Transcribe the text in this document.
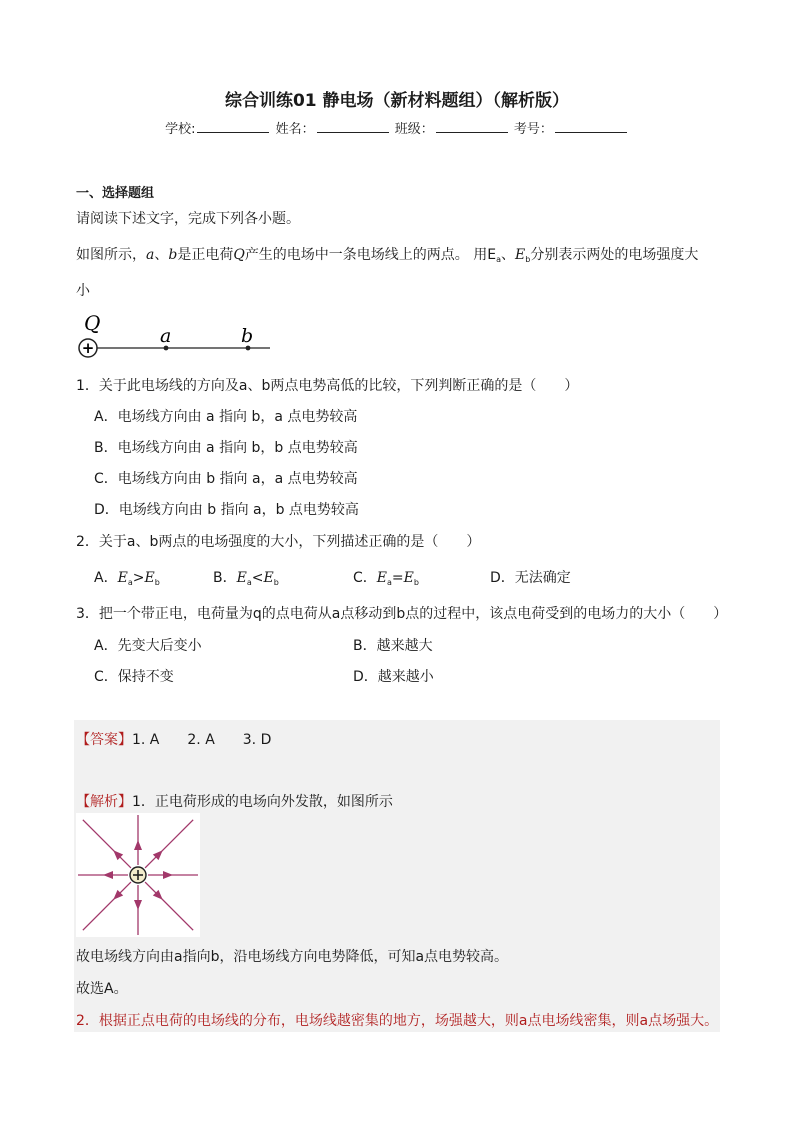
综合训练01 静电场（新材料题组）（解析版）
学校:	姓名：	班级：	考号：
一、选择题组
请阅读下述文字，完成下列各小题。
如图所示，a、b是正电荷Q产生的电场中一条电场线上的两点。 用$E_a$、$E_b$分别表示两处的电场强度大
小
Q
+
a	b
1．关于此电场线的方向及a、b两点电势高低的比较，下列判断正确的是（　　）
A．电场线方向由 a 指向 b，a 点电势较高
B．电场线方向由 a 指向 b，b 点电势较高
C．电场线方向由 b 指向 a，a 点电势较高
D．电场线方向由 b 指向 a，b 点电势较高
2．关于a、b两点的电场强度的大小，下列描述正确的是（　　）
A．$E_a>E_b$	B．$E_a<E_b$	C．$E_a=E_b$	D．无法确定
3．把一个带正电，电荷量为q的点电荷从a点移动到b点的过程中，该点电荷受到的电场力的大小（　　）
A．先变大后变小	B．越来越大
C．保持不变	D．越来越小
【答案】1. A　　2. A　　3. D
【解析】1．正电荷形成的电场向外发散，如图所示
故电场线方向由a指向b，沿电场线方向电势降低，可知a点电势较高。
故选A。
2．根据正点电荷的电场线的分布，电场线越密集的地方，场强越大，则a点电场线密集，则a点场强大。
